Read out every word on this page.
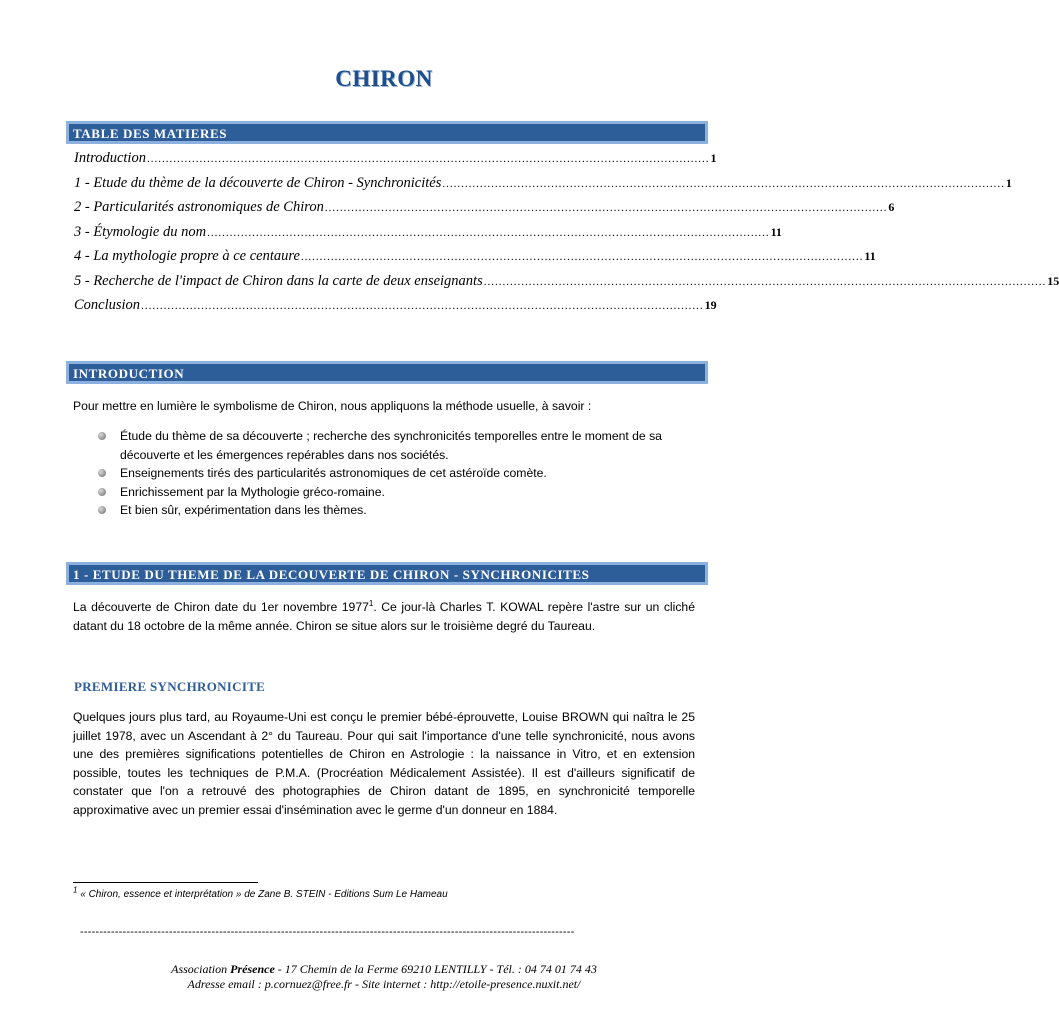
CHIRON
TABLE DES MATIERES
Introduction ...................................................................................................................................................... 1
1 - Etude du thème de la découverte de Chiron - Synchronicités ...................................................................................................................................................... 1
2 - Particularités astronomiques de Chiron ...................................................................................................................................................... 6
3 - Étymologie du nom ...................................................................................................................................................... 11
4 - La mythologie propre à ce centaure ...................................................................................................................................................... 11
5 - Recherche de l'impact de Chiron dans la carte de deux enseignants ...................................................................................................................................................... 15
Conclusion ...................................................................................................................................................... 19
INTRODUCTION
Pour mettre en lumière le symbolisme de Chiron, nous appliquons la méthode usuelle, à savoir :
Étude du thème de sa découverte ; recherche des synchronicités temporelles entre le moment de sa découverte et les émergences repérables dans nos sociétés.
Enseignements tirés des particularités astronomiques de cet astéroïde comète.
Enrichissement par la Mythologie gréco-romaine.
Et bien sûr, expérimentation dans les thèmes.
1 - ETUDE DU THEME DE LA DECOUVERTE DE CHIRON - SYNCHRONICITES
La découverte de Chiron date du 1er novembre 1977$^1$. Ce jour-là Charles T. KOWAL repère l'astre sur un cliché datant du 18 octobre de la même année. Chiron se situe alors sur le troisième degré du Taureau.
PREMIERE SYNCHRONICITE
Quelques jours plus tard, au Royaume-Uni est conçu le premier bébé-éprouvette, Louise BROWN qui naîtra le 25 juillet 1978, avec un Ascendant à 2° du Taureau. Pour qui sait l'importance d'une telle synchronicité, nous avons une des premières significations potentielles de Chiron en Astrologie : la naissance in Vitro, et en extension possible, toutes les techniques de P.M.A. (Procréation Médicalement Assistée). Il est d'ailleurs significatif de constater que l'on a retrouvé des photographies de Chiron datant de 1895, en synchronicité temporelle approximative avec un premier essai d'insémination avec le germe d'un donneur en 1884.
$^1$ « Chiron, essence et interprétation » de Zane B. STEIN - Editions Sum Le Hameau
--------------------------------------------------------------------------------------------------------------------------------
Association Présence - 17 Chemin de la Ferme 69210 LENTILLY - Tél. : 04 74 01 74 43
Adresse email : p.cornuez@free.fr - Site internet : http://etoile-presence.nuxit.net/
